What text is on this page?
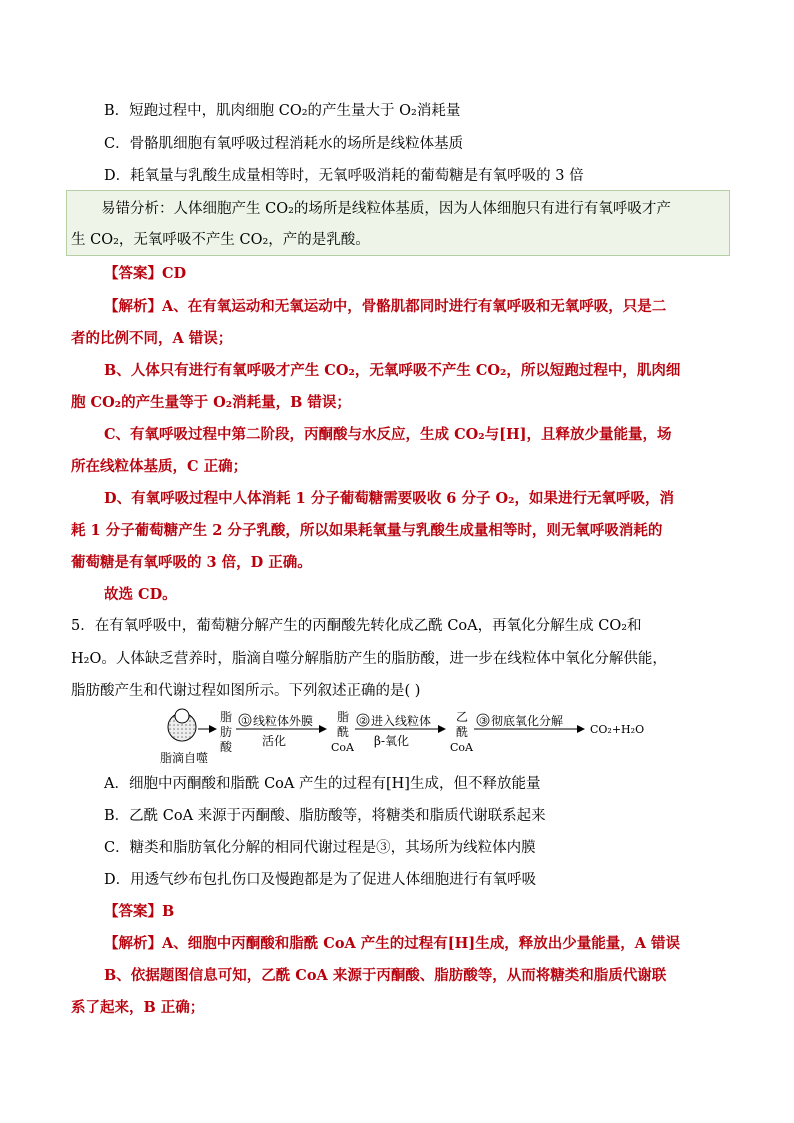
B．短跑过程中，肌肉细胞 CO₂的产生量大于 O₂消耗量
C．骨骼肌细胞有氧呼吸过程消耗水的场所是线粒体基质
D．耗氧量与乳酸生成量相等时，无氧呼吸消耗的葡萄糖是有氧呼吸的 3 倍
易错分析：人体细胞产生 CO₂的场所是线粒体基质，因为人体细胞只有进行有氧呼吸才产
生 CO₂，无氧呼吸不产生 CO₂，产的是乳酸。
【答案】CD
【解析】A、在有氧运动和无氧运动中，骨骼肌都同时进行有氧呼吸和无氧呼吸，只是二
者的比例不同，A 错误；
B、人体只有进行有氧呼吸才产生 CO₂，无氧呼吸不产生 CO₂，所以短跑过程中，肌肉细
胞 CO₂的产生量等于 O₂消耗量，B 错误；
C、有氧呼吸过程中第二阶段，丙酮酸与水反应，生成 CO₂与[H]，且释放少量能量，场
所在线粒体基质，C 正确；
D、有氧呼吸过程中人体消耗 1 分子葡萄糖需要吸收 6 分子 O₂，如果进行无氧呼吸，消
耗 1 分子葡萄糖产生 2 分子乳酸，所以如果耗氧量与乳酸生成量相等时，则无氧呼吸消耗的
葡萄糖是有氧呼吸的 3 倍，D 正确。
故选 CD。
5．在有氧呼吸中，葡萄糖分解产生的丙酮酸先转化成乙酰 CoA，再氧化分解生成 CO₂和
H₂O。人体缺乏营养时，脂滴自噬分解脂肪产生的脂肪酸，进一步在线粒体中氧化分解供能，
脂肪酸产生和代谢过程如图所示。下列叙述正确的是( )
脂滴自噬
脂
肪
酸
① 线粒体外膜
活化
脂
酰
CoA
② 进入线粒体
β-氧化
乙
酰
CoA
③ 彻底氧化分解
CO₂+H₂O
A．细胞中丙酮酸和脂酰 CoA 产生的过程有[H]生成，但不释放能量
B．乙酰 CoA 来源于丙酮酸、脂肪酸等，将糖类和脂质代谢联系起来
C．糖类和脂肪氧化分解的相同代谢过程是③，其场所为线粒体内膜
D．用透气纱布包扎伤口及慢跑都是为了促进人体细胞进行有氧呼吸
【答案】B
【解析】A、细胞中丙酮酸和脂酰 CoA 产生的过程有[H]生成，释放出少量能量，A 错误
B、依据题图信息可知，乙酰 CoA 来源于丙酮酸、脂肪酸等，从而将糖类和脂质代谢联
系了起来，B 正确；
